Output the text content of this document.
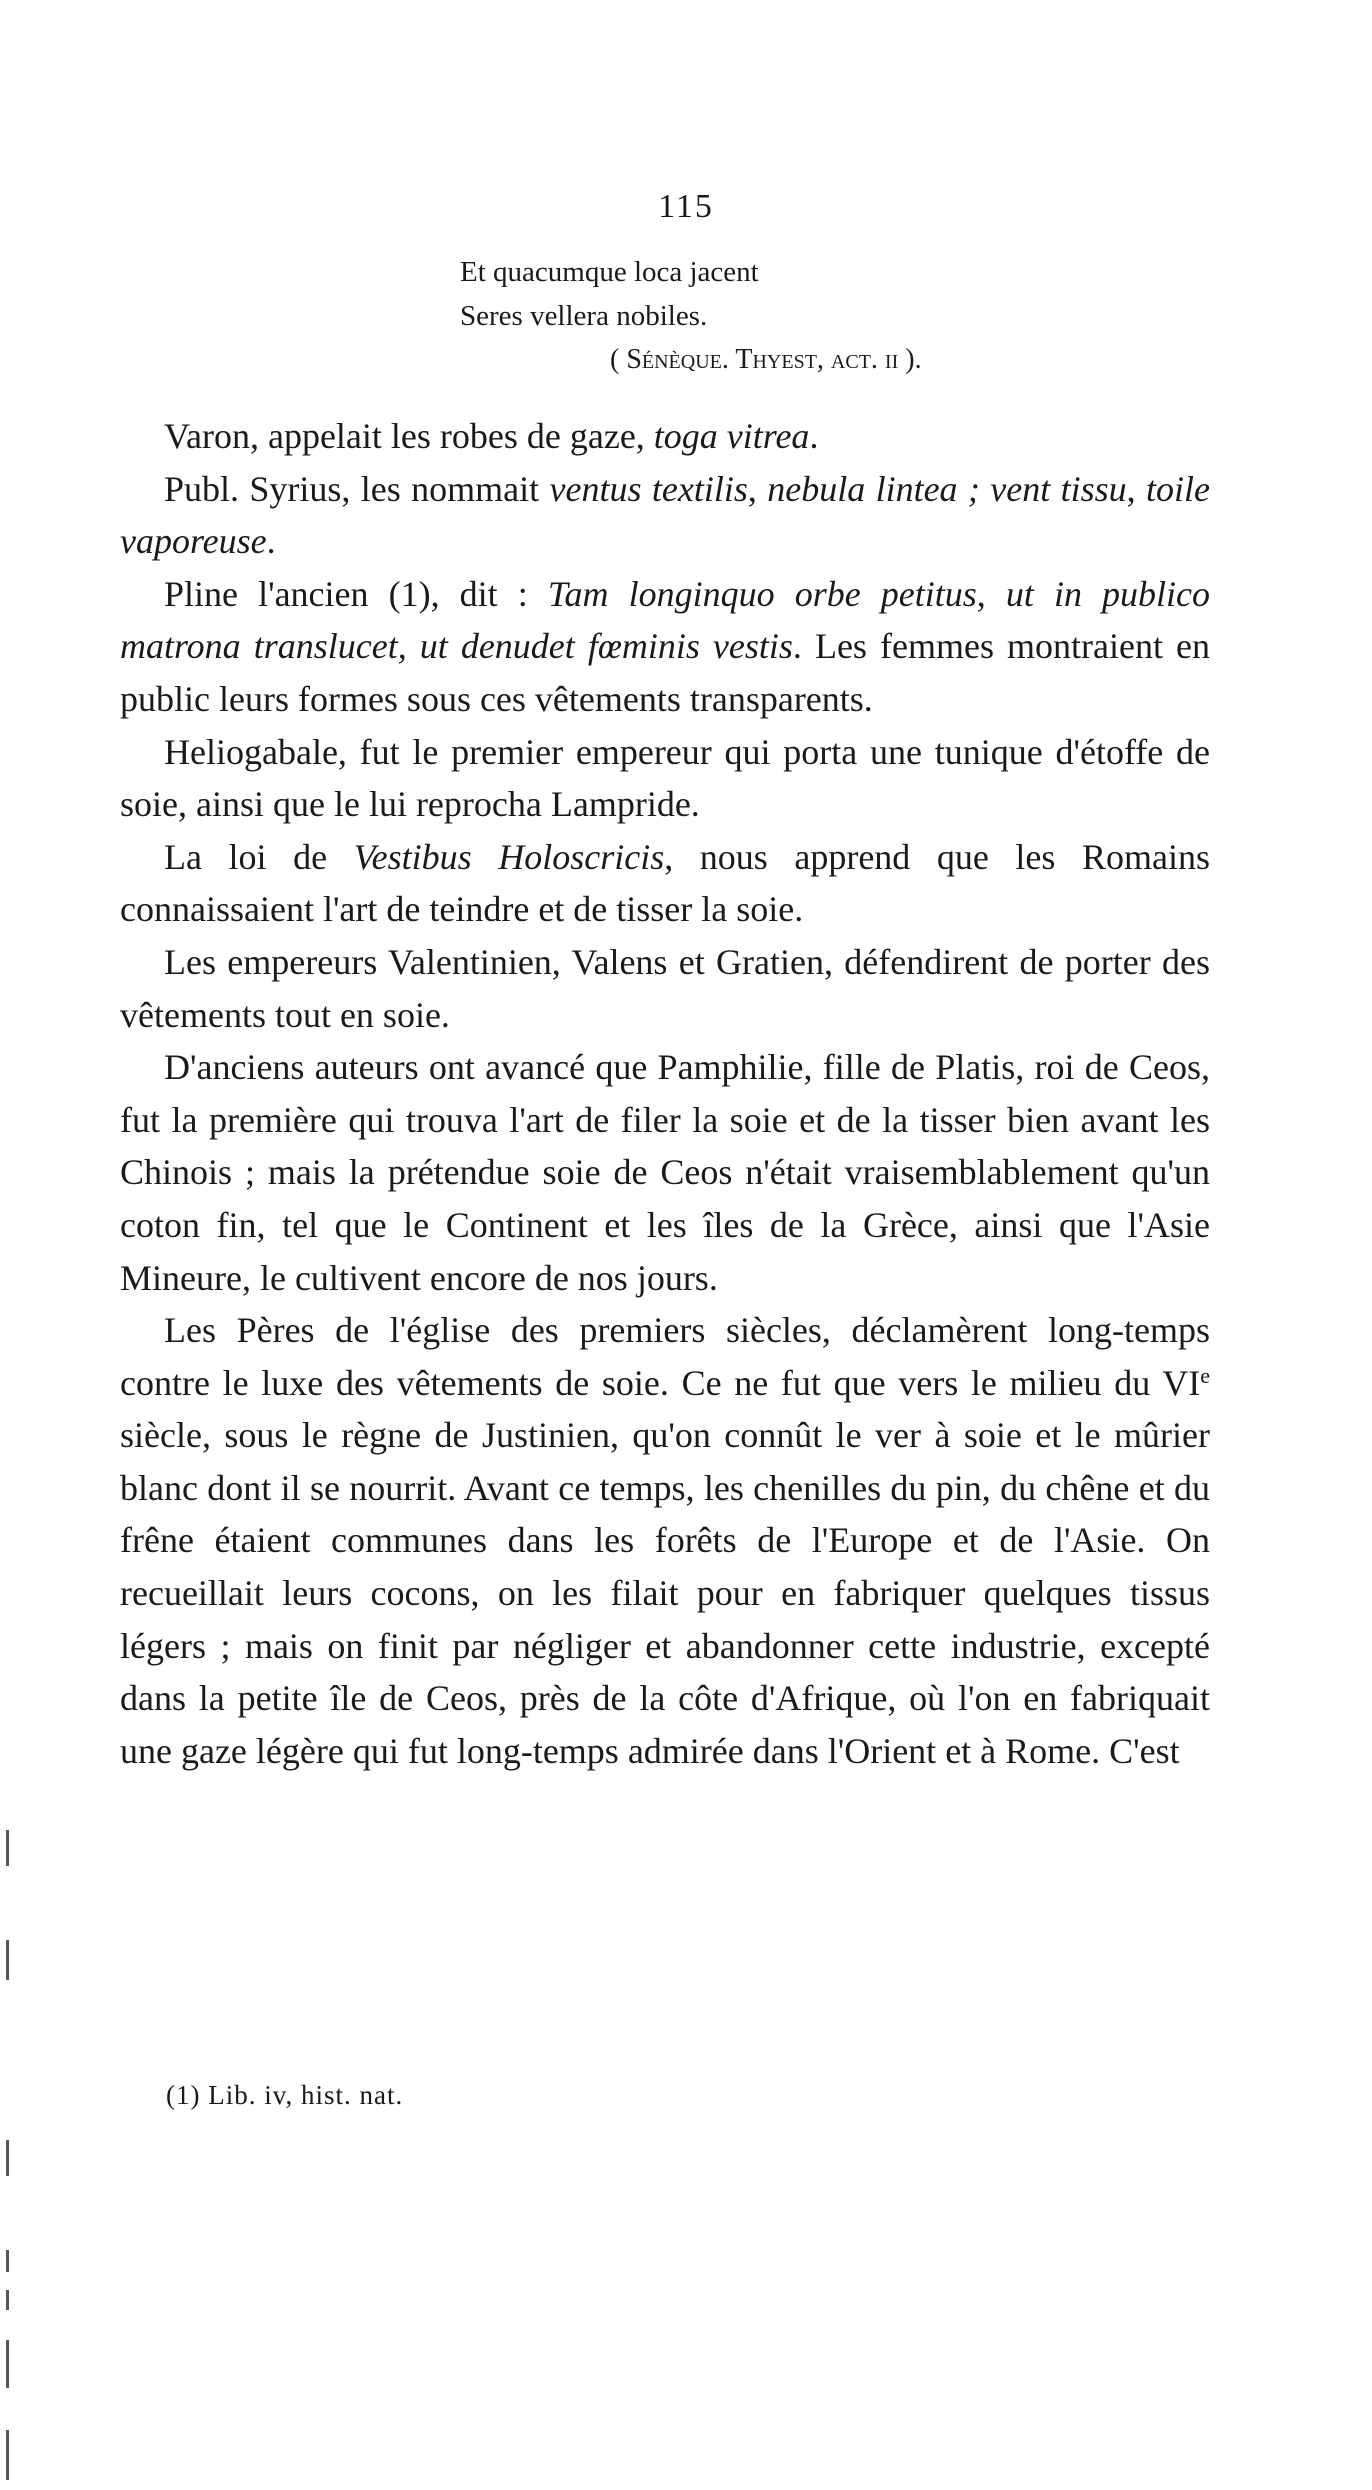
115
Et quacumque loca jacent
Seres vellera nobiles.
( Sénèque. Thyest, act. ii ).

Varon, appelait les robes de gaze, toga vitrea.

Publ. Syrius, les nommait ventus textilis, nebula lintea ; vent tissu, toile vaporeuse.

Pline l'ancien (1), dit : Tam longinquo orbe petitus, ut in publico matrona translucet, ut denudet fœminis vestis. Les femmes montraient en public leurs formes sous ces vêtements transparents.

Heliogabale, fut le premier empereur qui porta une tunique d'étoffe de soie, ainsi que le lui reprocha Lampride.

La loi de Vestibus Holoscricis, nous apprend que les Romains connaissaient l'art de teindre et de tisser la soie.

Les empereurs Valentinien, Valens et Gratien, défendirent de porter des vêtements tout en soie.

D'anciens auteurs ont avancé que Pamphilie, fille de Platis, roi de Ceos, fut la première qui trouva l'art de filer la soie et de la tisser bien avant les Chinois ; mais la prétendue soie de Ceos n'était vraisemblablement qu'un coton fin, tel que le Continent et les îles de la Grèce, ainsi que l'Asie Mineure, le cultivent encore de nos jours.

Les Pères de l'église des premiers siècles, déclamèrent long-temps contre le luxe des vêtements de soie. Ce ne fut que vers le milieu du VIe siècle, sous le règne de Justinien, qu'on connût le ver à soie et le mûrier blanc dont il se nourrit. Avant ce temps, les chenilles du pin, du chêne et du frêne étaient communes dans les forêts de l'Europe et de l'Asie. On recueillait leurs cocons, on les filait pour en fabriquer quelques tissus légers ; mais on finit par négliger et abandonner cette industrie, excepté dans la petite île de Ceos, près de la côte d'Afrique, où l'on en fabriquait une gaze légère qui fut long-temps admirée dans l'Orient et à Rome. C'est

(1) Lib. iv, hist. nat.
